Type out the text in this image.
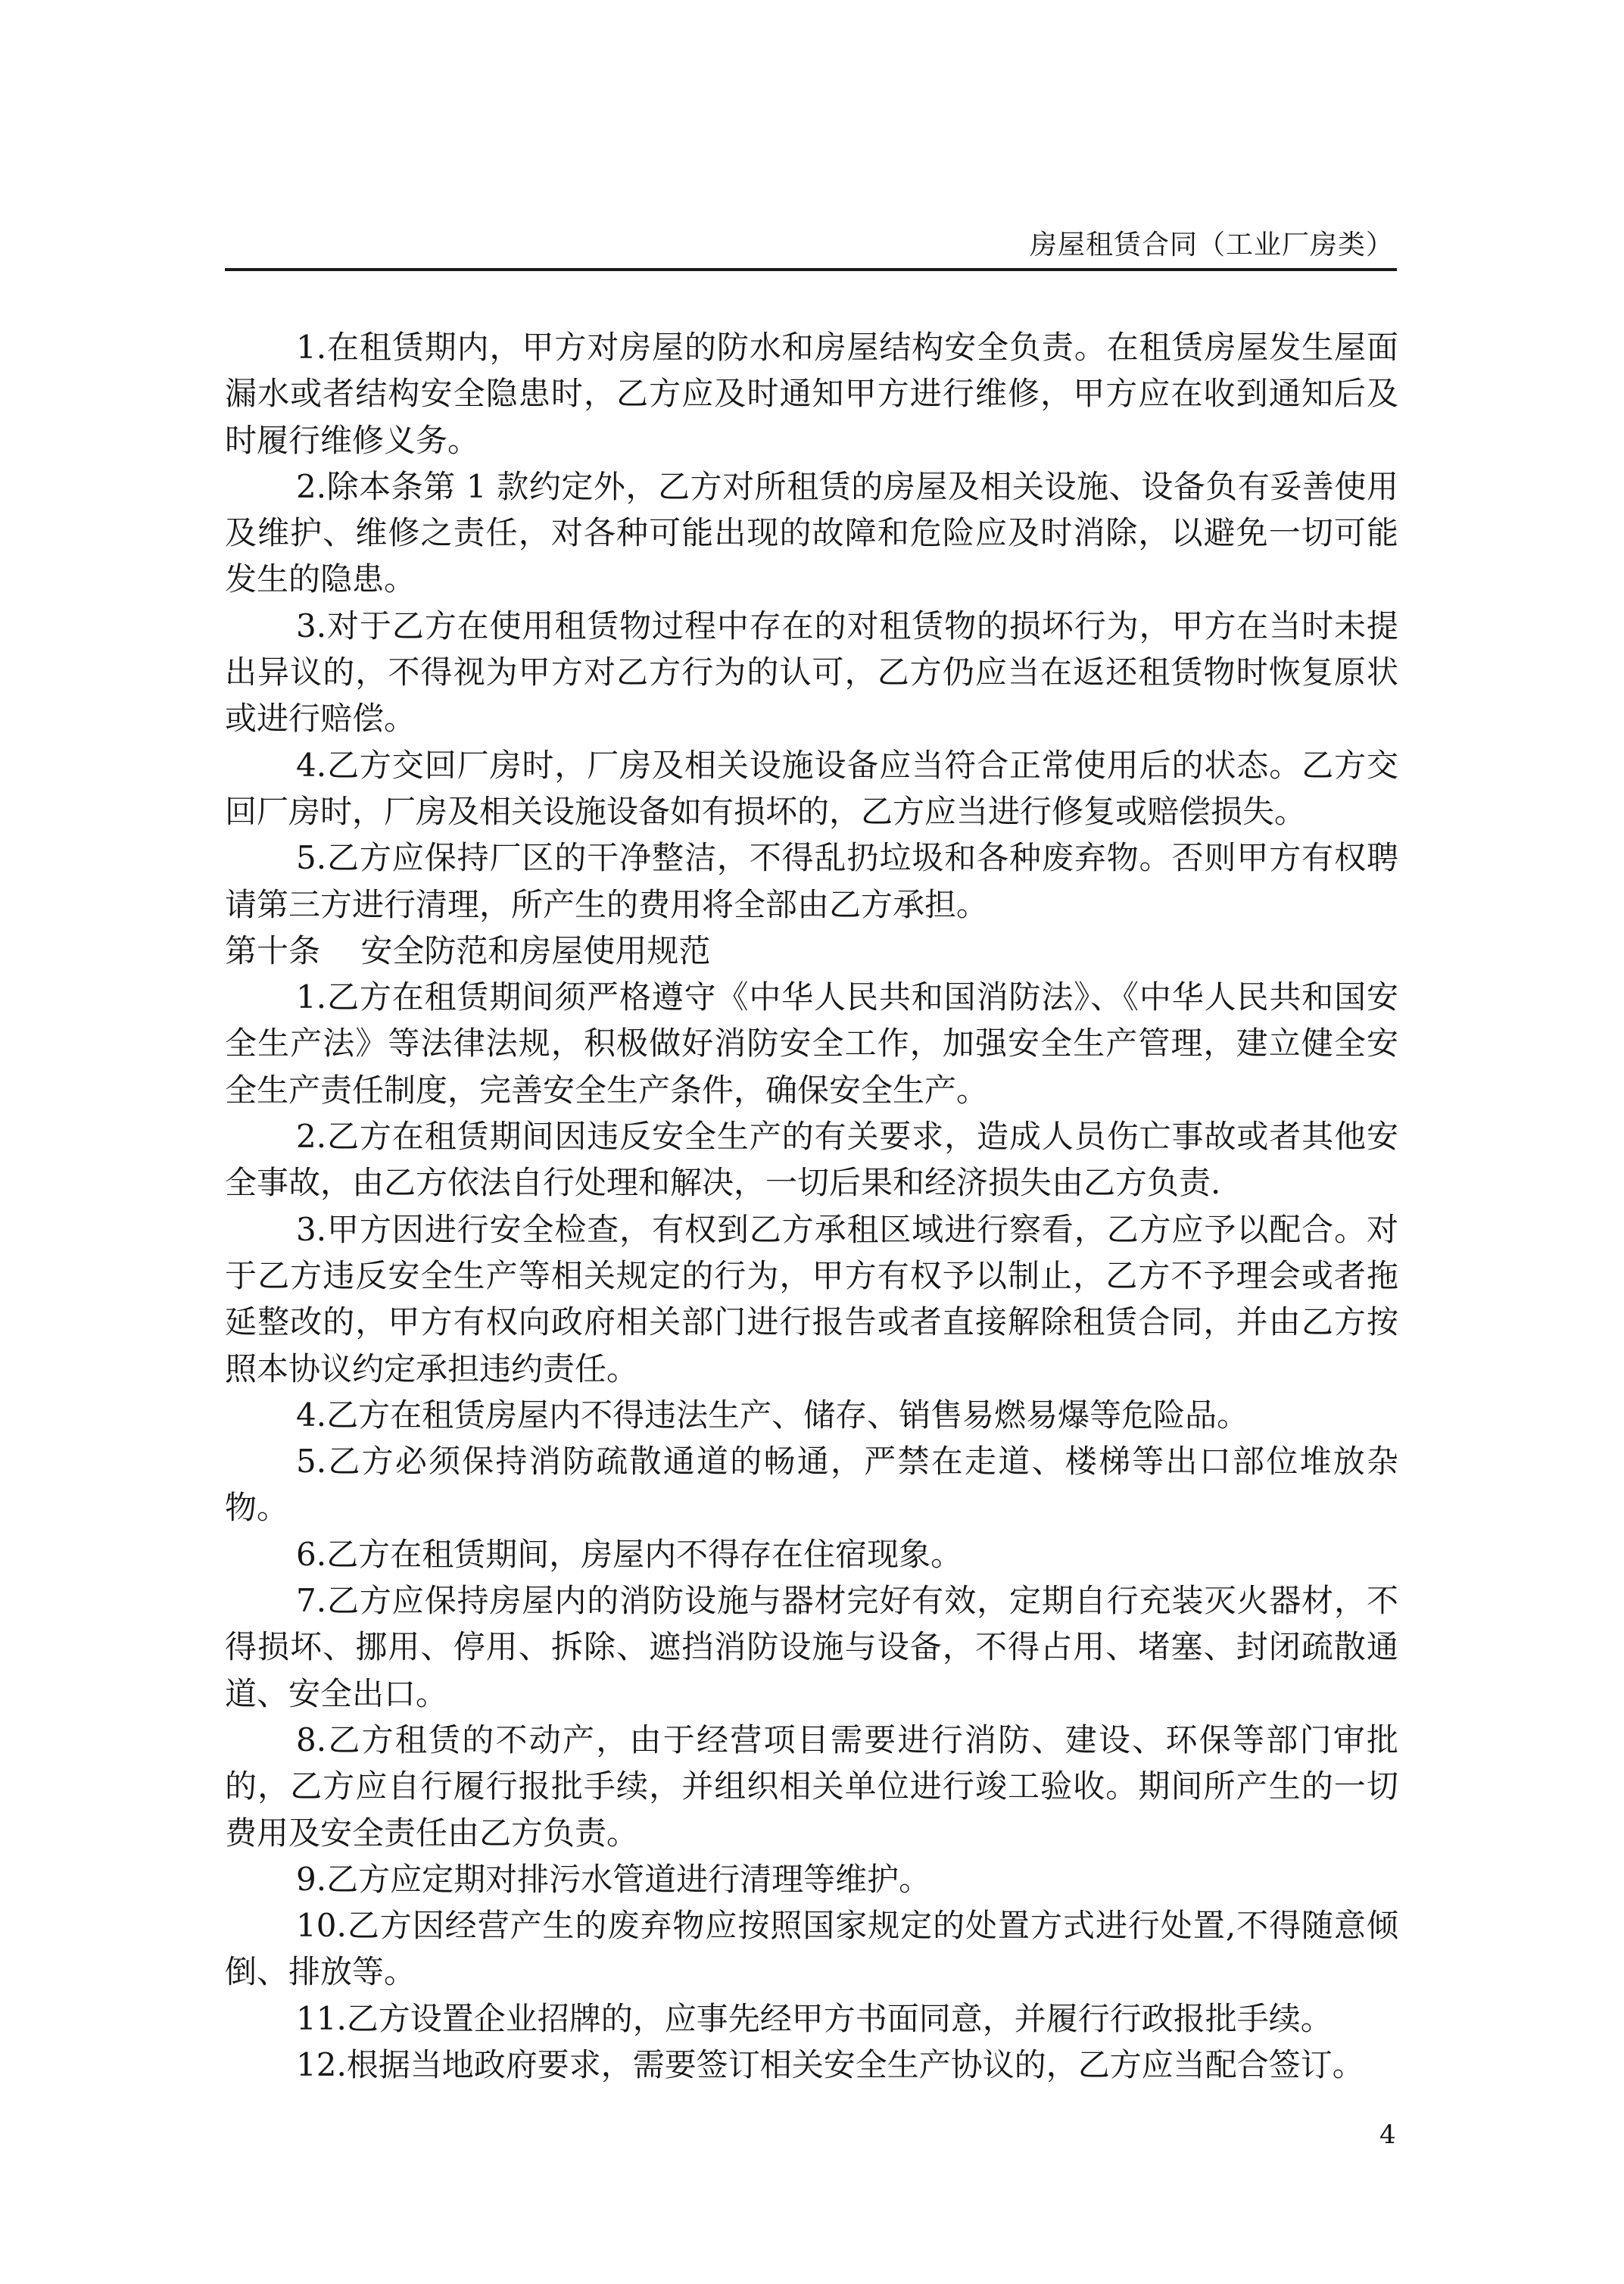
房屋租赁合同（工业厂房类）

1.在租赁期内，甲方对房屋的防水和房屋结构安全负责。在租赁房屋发生屋面漏水或者结构安全隐患时，乙方应及时通知甲方进行维修，甲方应在收到通知后及时履行维修义务。

2.除本条第 1 款约定外，乙方对所租赁的房屋及相关设施、设备负有妥善使用及维护、维修之责任，对各种可能出现的故障和危险应及时消除，以避免一切可能发生的隐患。

3.对于乙方在使用租赁物过程中存在的对租赁物的损坏行为，甲方在当时未提出异议的，不得视为甲方对乙方行为的认可，乙方仍应当在返还租赁物时恢复原状或进行赔偿。

4.乙方交回厂房时，厂房及相关设施设备应当符合正常使用后的状态。乙方交回厂房时，厂房及相关设施设备如有损坏的，乙方应当进行修复或赔偿损失。

5.乙方应保持厂区的干净整洁，不得乱扔垃圾和各种废弃物。否则甲方有权聘请第三方进行清理，所产生的费用将全部由乙方承担。

第十条    安全防范和房屋使用规范

1.乙方在租赁期间须严格遵守《中华人民共和国消防法》、《中华人民共和国安全生产法》等法律法规，积极做好消防安全工作，加强安全生产管理，建立健全安全生产责任制度，完善安全生产条件，确保安全生产。

2.乙方在租赁期间因违反安全生产的有关要求，造成人员伤亡事故或者其他安全事故，由乙方依法自行处理和解决，一切后果和经济损失由乙方负责.

3.甲方因进行安全检查，有权到乙方承租区域进行察看，乙方应予以配合。对于乙方违反安全生产等相关规定的行为，甲方有权予以制止，乙方不予理会或者拖延整改的，甲方有权向政府相关部门进行报告或者直接解除租赁合同，并由乙方按照本协议约定承担违约责任。

4.乙方在租赁房屋内不得违法生产、储存、销售易燃易爆等危险品。

5.乙方必须保持消防疏散通道的畅通，严禁在走道、楼梯等出口部位堆放杂物。

6.乙方在租赁期间，房屋内不得存在住宿现象。

7.乙方应保持房屋内的消防设施与器材完好有效，定期自行充装灭火器材，不得损坏、挪用、停用、拆除、遮挡消防设施与设备，不得占用、堵塞、封闭疏散通道、安全出口。

8.乙方租赁的不动产，由于经营项目需要进行消防、建设、环保等部门审批的，乙方应自行履行报批手续，并组织相关单位进行竣工验收。期间所产生的一切费用及安全责任由乙方负责。

9.乙方应定期对排污水管道进行清理等维护。

10.乙方因经营产生的废弃物应按照国家规定的处置方式进行处置,不得随意倾倒、排放等。

11.乙方设置企业招牌的，应事先经甲方书面同意，并履行行政报批手续。

12.根据当地政府要求，需要签订相关安全生产协议的，乙方应当配合签订。

4
